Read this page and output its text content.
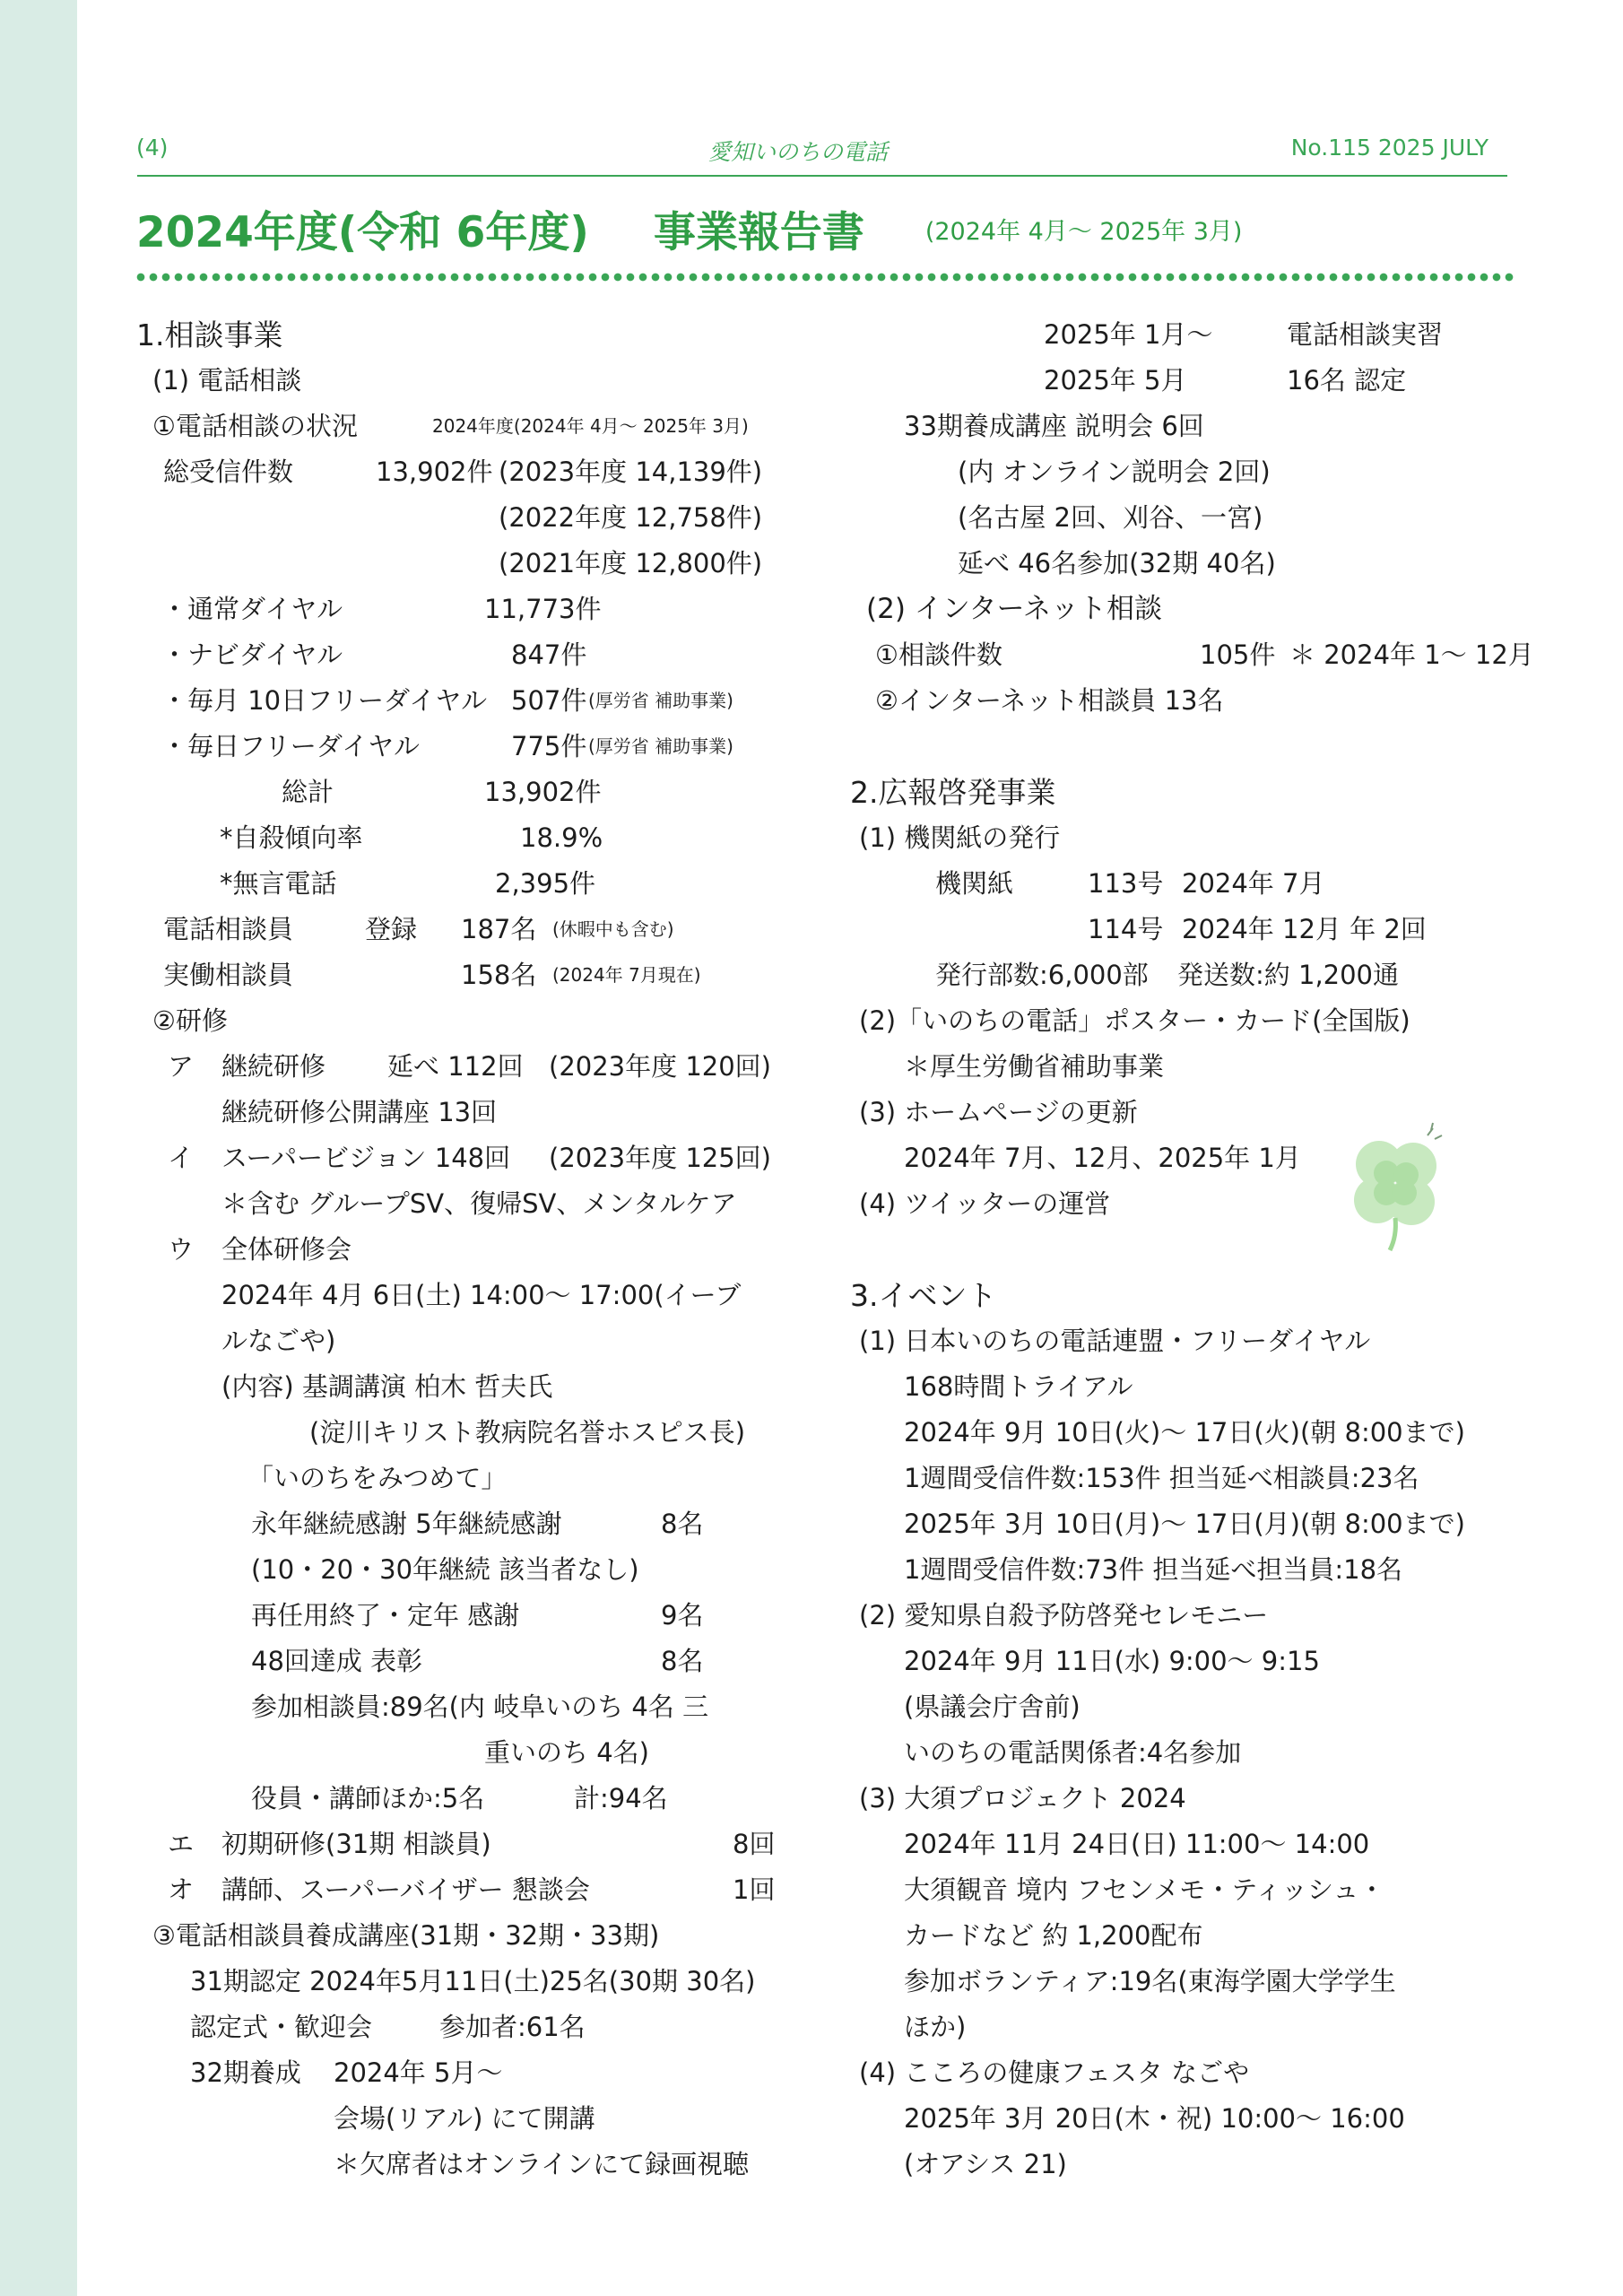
(4)	愛知いのちの電話	No.115 2025 JULY
2024年度(令和 6年度) 事業報告書	(2024年 4月～ 2025年 3月)
1.相談事業
(1) 電話相談
①電話相談の状況	2024年度(2024年 4月～ 2025年 3月)
総受信件数	13,902件 (2023年度 14,139件)
(2022年度 12,758件)
(2021年度 12,800件)
・通常ダイヤル	11,773件
・ナビダイヤル	847件
・毎月 10日フリーダイヤル 507件 (厚労省 補助事業)
・毎日フリーダイヤル	775件 (厚労省 補助事業)
総計	13,902件
*自殺傾向率	18.9%
*無言電話	2,395件
電話相談員	登録 187名 (休暇中も含む)
実働相談員	158名 (2024年 7月現在)
②研修
ア 継続研修 延べ 112回 (2023年度 120回)
継続研修公開講座 13回
イ スーパービジョン 148回 (2023年度 125回)
＊含む グループSV、復帰SV、メンタルケア
ウ 全体研修会
2024年 4月 6日(土) 14:00～ 17:00(イーブ
ルなごや)
(内容) 基調講演 柏木 哲夫氏
(淀川キリスト教病院名誉ホスピス長)
「いのちをみつめて」
永年継続感謝 5年継続感謝	8名
(10・20・30年継続 該当者なし)
再任用終了・定年 感謝	9名
48回達成 表彰	8名
参加相談員:89名(内 岐阜いのち 4名 三
重いのち 4名)
役員・講師ほか:5名	計:94名
エ 初期研修(31期 相談員)	8回
オ 講師、スーパーバイザー 懇談会	1回
③電話相談員養成講座(31期・32期・33期)
31期認定 2024年5月11日(土)25名(30期 30名)
認定式・歓迎会	参加者:61名
32期養成 2024年 5月～
会場(リアル) にて開講
＊欠席者はオンラインにて録画視聴
2025年 1月～	電話相談実習
2025年 5月	16名 認定
33期養成講座 説明会 6回
(内 オンライン説明会 2回)
(名古屋 2回、刈谷、一宮)
延べ 46名参加(32期 40名)
(2) インターネット相談
①相談件数	105件 ＊ 2024年 1～ 12月
②インターネット相談員 13名
2.広報啓発事業
(1) 機関紙の発行
機関紙	113号 2024年 7月
114号 2024年 12月 年 2回
発行部数:6,000部 発送数:約 1,200通
(2)「いのちの電話」ポスター・カード(全国版)
＊厚生労働省補助事業
(3) ホームページの更新
2024年 7月、12月、2025年 1月
(4) ツイッターの運営
3.イベント
(1) 日本いのちの電話連盟・フリーダイヤル
168時間トライアル
2024年 9月 10日(火)～ 17日(火)(朝 8:00まで)
1週間受信件数:153件 担当延べ相談員:23名
2025年 3月 10日(月)～ 17日(月)(朝 8:00まで)
1週間受信件数:73件 担当延べ担当員:18名
(2) 愛知県自殺予防啓発セレモニー
2024年 9月 11日(水) 9:00～ 9:15
(県議会庁舎前)
いのちの電話関係者:4名参加
(3) 大須プロジェクト 2024
2024年 11月 24日(日) 11:00～ 14:00
大須観音 境内 フセンメモ・ティッシュ・
カードなど 約 1,200配布
参加ボランティア:19名(東海学園大学学生
ほか)
(4) こころの健康フェスタ なごや
2025年 3月 20日(木・祝) 10:00～ 16:00
(オアシス 21)
